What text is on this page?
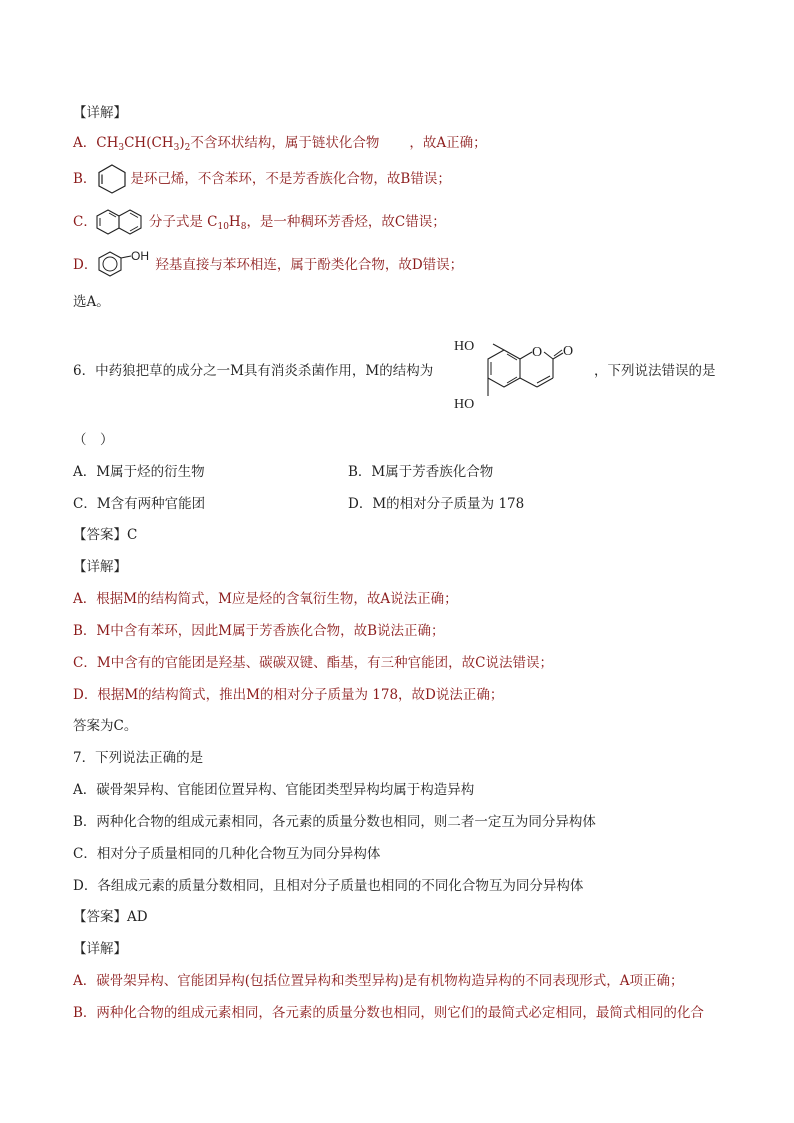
【详解】
A．$CH_3CH(CH_3)_2$不含环状结构，属于链状化合物 ，故A正确；
B．	是环己烯，不含苯环，不是芳香族化合物，故B错误；
C．	分子式是 $C_{10}H_8$，是一种稠环芳香烃，故C错误；
D．	羟基直接与苯环相连，属于酚类化合物，故D错误；
OH
选A。
6．中药狼把草的成分之一M具有消炎杀菌作用，M的结构为
HO
HO
O O
，下列说法错误的是
（　）
A．M属于烃的衍生物	B．M属于芳香族化合物
C．M含有两种官能团	D．M的相对分子质量为 178
【答案】C
【详解】
A．根据M的结构简式，M应是烃的含氧衍生物，故A说法正确；
B．M中含有苯环，因此M属于芳香族化合物，故B说法正确；
C．M中含有的官能团是羟基、碳碳双键、酯基，有三种官能团，故C说法错误；
D．根据M的结构简式，推出M的相对分子质量为 178，故D说法正确；
答案为C。
7．下列说法正确的是
A．碳骨架异构、官能团位置异构、官能团类型异构均属于构造异构
B．两种化合物的组成元素相同，各元素的质量分数也相同，则二者一定互为同分异构体
C．相对分子质量相同的几种化合物互为同分异构体
D．各组成元素的质量分数相同，且相对分子质量也相同的不同化合物互为同分异构体
【答案】AD
【详解】
A．碳骨架异构、官能团异构(包括位置异构和类型异构)是有机物构造异构的不同表现形式，A项正确；
B．两种化合物的组成元素相同，各元素的质量分数也相同，则它们的最简式必定相同，最简式相同的化合
